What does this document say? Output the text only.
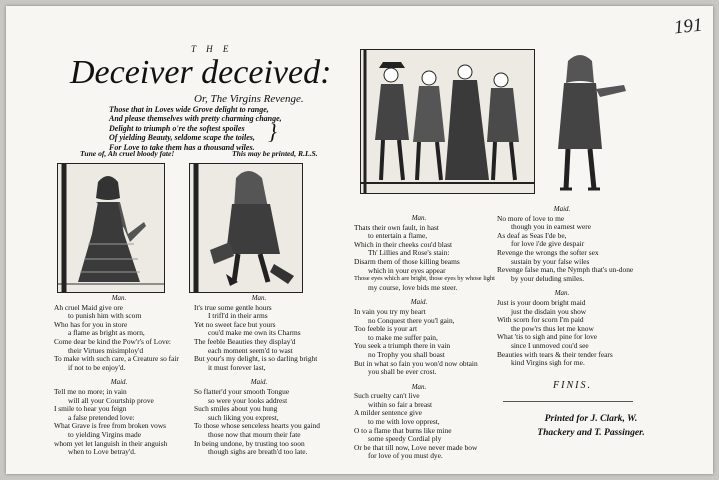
191
T H E
Deceiver deceived:
Or, The Virgins Revenge.
Those that in Loves wide Grove delight to range,
And please themselves with pretty charming change,
Delight to triumph o're the softest spoiles
Of yielding Beauty, seldome scape the toiles,
For Love to take them has a thousand wiles.
}
Tune of, Ah cruel bloody fate!	This may be printed, R.L.S.
Man.
Ah cruel Maid give ore
to punish him with scorn
Who has for you in store
a flame as bright as morn,
Come dear be kind the Pow'r's of Love:
their Virtues misimploy'd
To make with such care, a Creature so fair
if not to be enjoy'd.
Maid.
Tell me no more; in vain
will all your Courtship prove
I smile to hear you feign
a false pretended love:
What Grave is free from broken vows
to yielding Virgins made
whom yet let languish in their anguish
when to Love betray'd.
Man.
It's true some gentle hours
I trifl'd in their arms
Yet no sweet face but yours
cou'd make me own its Charms
The feeble Beauties they display'd
each moment seem'd to wast
But your's my delight, is so darling bright
it must forever last,
Maid.
So flatter'd your smooth Tongue
so were your looks addrest
Such smiles about you hung
such liking you exprest,
To those whose senceless hearts you gaind
those now that mourn their fate
In being undone, by trusting too soon
though sighs are breath'd too late.
Man.
Thats their own fault, in hast
to entertain a flame,
Which in their cheeks cou'd blast
Th' Lillies and Rose's stain:
Disarm them of those killing beams
which in your eyes appear
Those eyes which are bright, those eyes by whose light
my course, love bids me steer.
Maid.
In vain you try my heart
no Conquest there you'l gain,
Too feeble is your art
to make me suffer pain,
You seek a triumph there in vain
no Trophy you shall boast
But in what so fain you won'd now obtain
you shall be ever crost.
Man.
Such cruelty can't live
within so fair a breast
A milder sentence give
to me with love opprest,
O to a flame that burns like mine
some speedy Cordial ply
Or be that till now, Love never made bow
for love of you must dye.
Maid.
No more of love to me
though you in earnest were
As deaf as Seas I'de be,
for love i'de give despair
Revenge the wrongs the softer sex
sustain by your false wiles
Revenge false man, the Nymph that's un-done
by your deluding smiles.
Man.
Just is your doom bright maid
just the disdain you show
With scorn for scorn I'm paid
the pow'rs thus let me know
What 'tis to sigh and pine for love
since I unmoved cou'd see
Beauties with tears & their tender fears
kind Virgins sigh for me.
FINIS.
Printed for J. Clark, W.
Thackery and T. Passinger.
